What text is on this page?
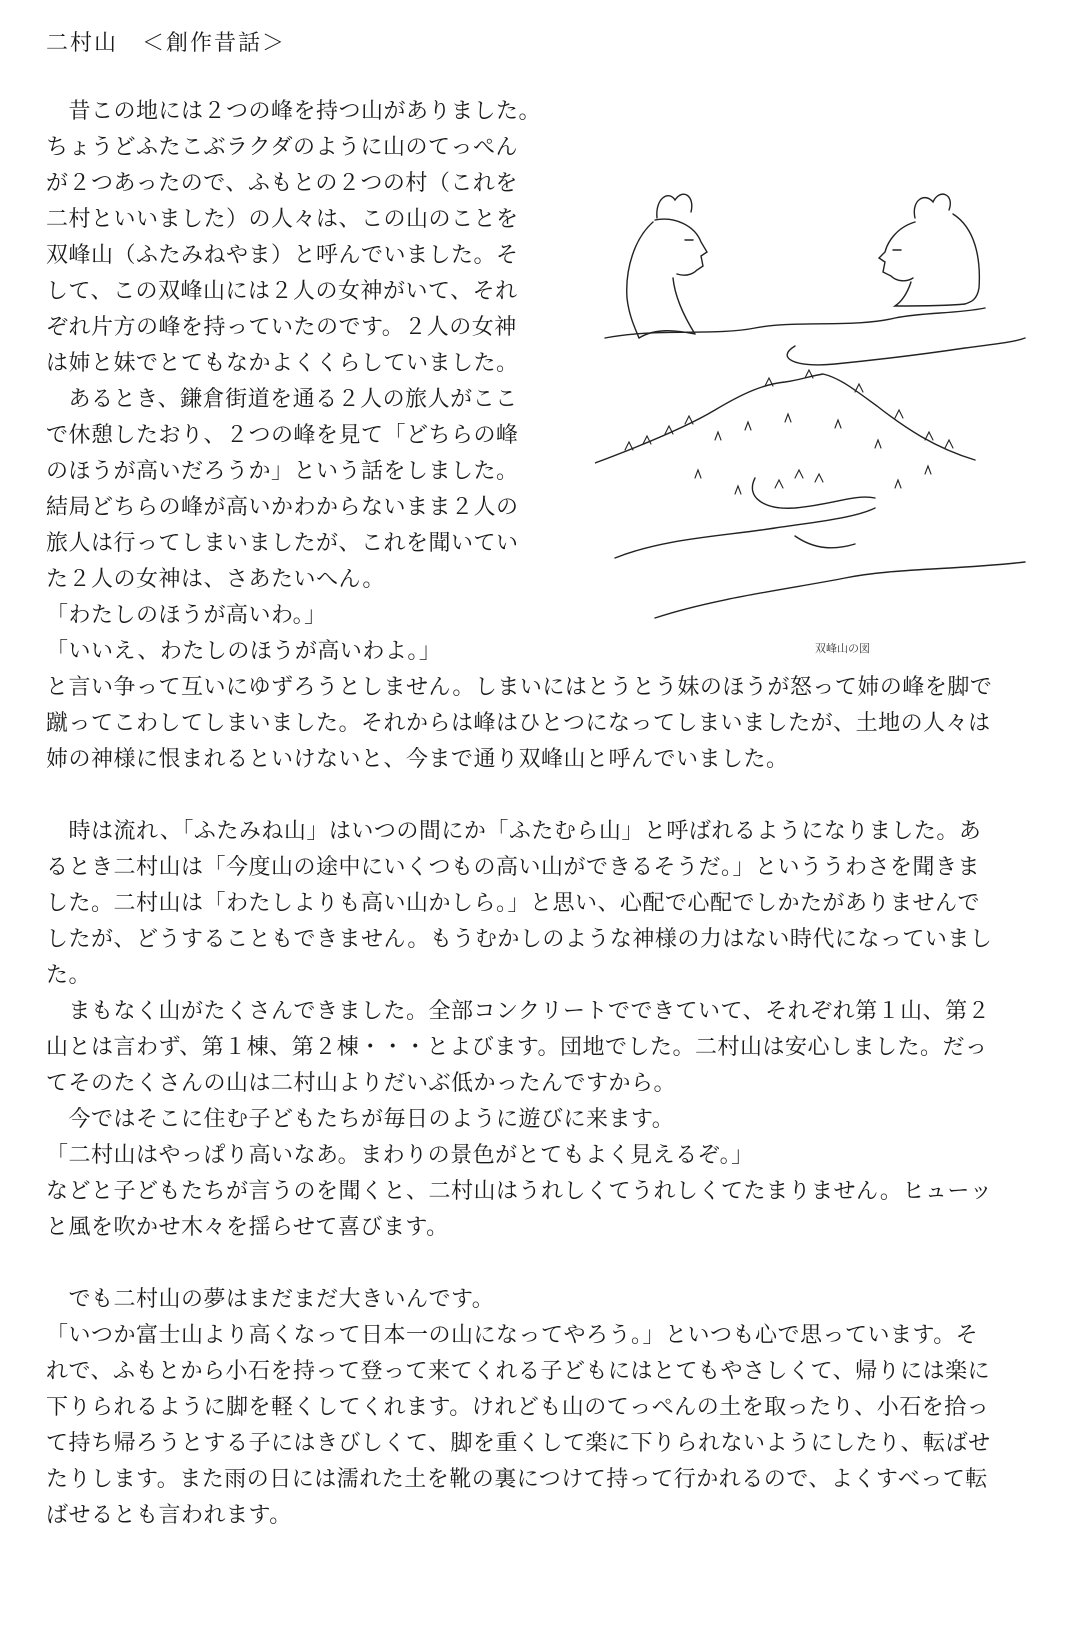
二村山　＜創作昔話＞
　昔この地には２つの峰を持つ山がありました。
ちょうどふたこぶラクダのように山のてっぺん
が２つあったので、ふもとの２つの村（これを
二村といいました）の人々は、この山のことを
双峰山（ふたみねやま）と呼んでいました。そ
して、この双峰山には２人の女神がいて、それ
ぞれ片方の峰を持っていたのです。２人の女神
は姉と妹でとてもなかよくくらしていました。
　あるとき、鎌倉街道を通る２人の旅人がここ
で休憩したおり、２つの峰を見て「どちらの峰
のほうが高いだろうか」という話をしました。
結局どちらの峰が高いかわからないまま２人の
旅人は行ってしまいましたが、これを聞いてい
た２人の女神は、さあたいへん。
「わたしのほうが高いわ。」
「いいえ、わたしのほうが高いわよ。」
と言い争って互いにゆずろうとしません。しまいにはとうとう妹のほうが怒って姉の峰を脚で
蹴ってこわしてしまいました。それからは峰はひとつになってしまいましたが、土地の人々は
姉の神様に恨まれるといけないと、今まで通り双峰山と呼んでいました。
　時は流れ、「ふたみね山」はいつの間にか「ふたむら山」と呼ばれるようになりました。あ
るとき二村山は「今度山の途中にいくつもの高い山ができるそうだ。」といううわさを聞きま
した。二村山は「わたしよりも高い山かしら。」と思い、心配で心配でしかたがありませんで
したが、どうすることもできません。もうむかしのような神様の力はない時代になっていまし
た。
　まもなく山がたくさんできました。全部コンクリートでできていて、それぞれ第１山、第２
山とは言わず、第１棟、第２棟・・・とよびます。団地でした。二村山は安心しました。だっ
てそのたくさんの山は二村山よりだいぶ低かったんですから。
　今ではそこに住む子どもたちが毎日のように遊びに来ます。
「二村山はやっぱり高いなあ。まわりの景色がとてもよく見えるぞ。」
などと子どもたちが言うのを聞くと、二村山はうれしくてうれしくてたまりません。ヒューッ
と風を吹かせ木々を揺らせて喜びます。
　でも二村山の夢はまだまだ大きいんです。
「いつか富士山より高くなって日本一の山になってやろう。」といつも心で思っています。そ
れで、ふもとから小石を持って登って来てくれる子どもにはとてもやさしくて、帰りには楽に
下りられるように脚を軽くしてくれます。けれども山のてっぺんの土を取ったり、小石を拾っ
て持ち帰ろうとする子にはきびしくて、脚を重くして楽に下りられないようにしたり、転ばせ
たりします。また雨の日には濡れた土を靴の裏につけて持って行かれるので、よくすべって転
ばせるとも言われます。
双峰山の図
